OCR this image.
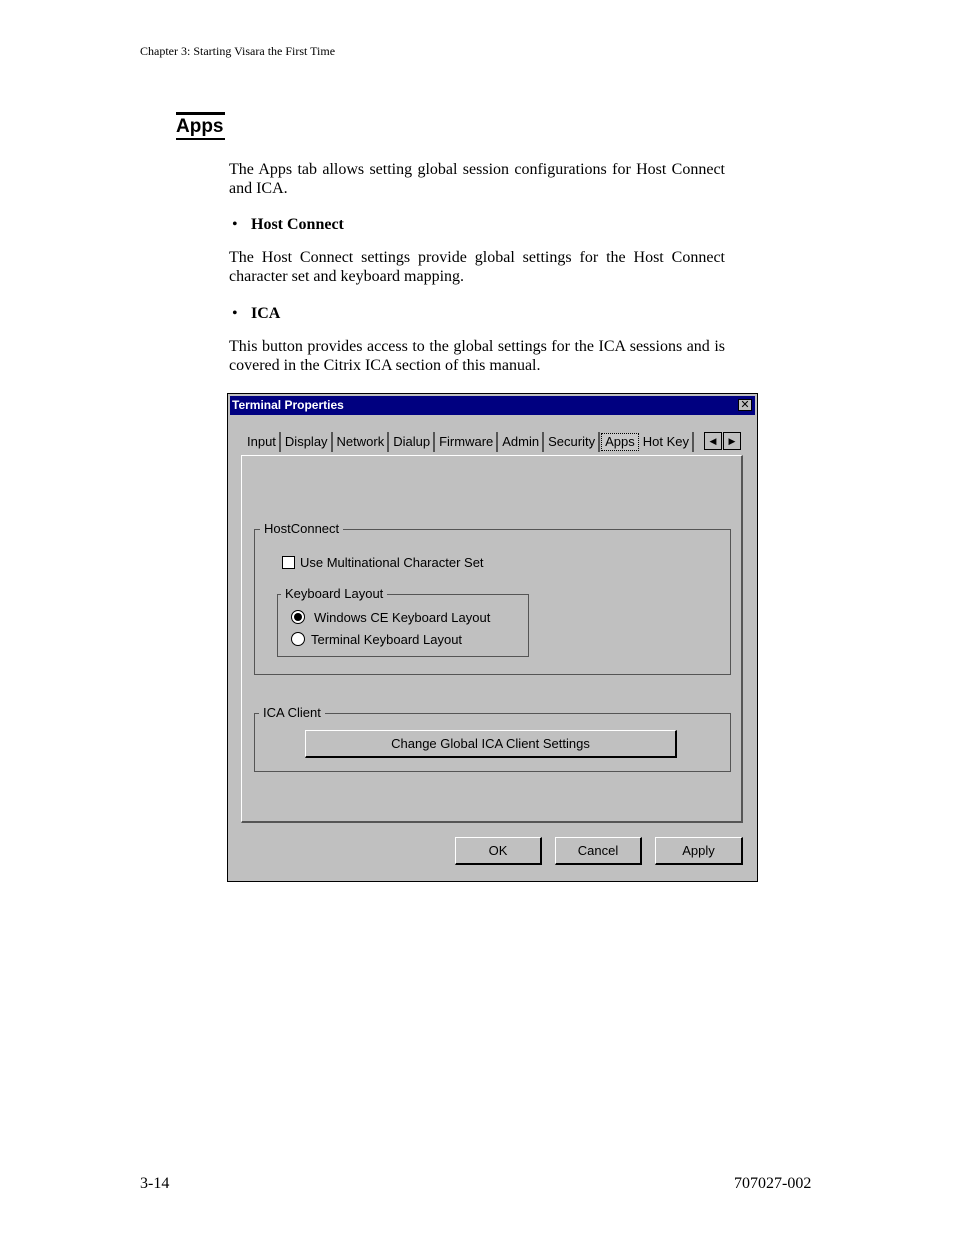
Chapter 3: Starting Visara the First Time
Apps
The Apps tab allows setting global session configurations for Host Connect and ICA.
• Host Connect
The Host Connect settings provide global settings for the Host Connect character set and keyboard mapping.
• ICA
This button provides access to the global settings for the ICA sessions and is covered in the Citrix ICA section of this manual.
Terminal Properties	✕
Input Display Network Dialup Firmware Admin Security Apps Hot Key	◀	▶
HostConnect
Use Multinational Character Set
Keyboard Layout
Windows CE Keyboard Layout
Terminal Keyboard Layout
ICA Client
Change Global ICA Client Settings
OK	Cancel	Apply
3-14	707027-002
